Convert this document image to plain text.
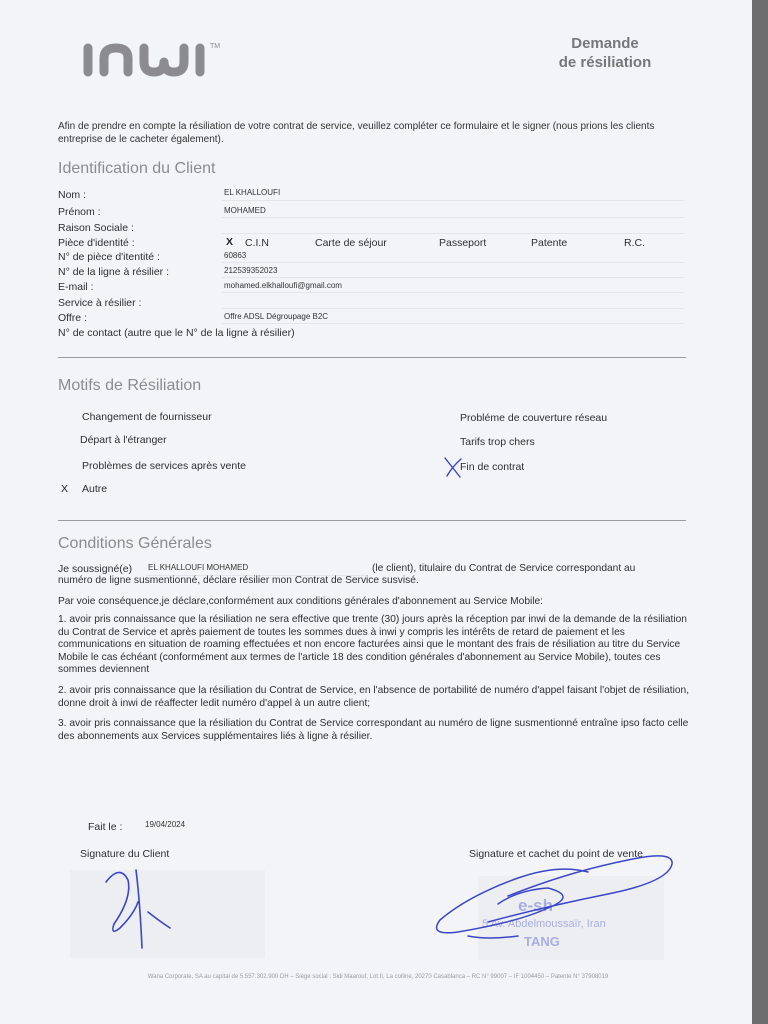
TM	Demande
de résiliation
Afin de prendre en compte la résiliation de votre contrat de service, veuillez compléter ce formulaire et le signer (nous prions les clients entreprise de le cacheter également).
Identification du Client
Nom :	EL KHALLOUFI
Prénom :	MOHAMED
Raison Sociale :
Pièce d'identité :	X C.I.N	Carte de séjour	Passeport	Patente	R.C.
N° de pièce d'itentité :	60863
N° de la ligne à résilier :	212539352023
E-mail :	mohamed.elkhalloufi@gmail.com
Service à résilier :
Offre :	Offre ADSL Dégroupage B2C
N° de contact (autre que le N° de la ligne à résilier)
Motifs de Résiliation
Changement de fournisseur
Départ à l'étranger
Problèmes de services après vente
X Autre
Probléme de couverture réseau
Tarifs trop chers
Fin de contrat
Conditions Générales
Je soussigné(e) EL KHALLOUFI MOHAMED	(le client), titulaire du Contrat de Service correspondant au
numéro de ligne susmentionné, déclare résilier mon Contrat de Service susvisé.
Par voie conséquence,je déclare,conformément aux conditions générales d'abonnement au Service Mobile:
1. avoir pris connaissance que la résiliation ne sera effective que trente (30) jours après la réception par inwi de la demande de la résiliation du Contrat de Service et après paiement de toutes les sommes dues à inwi y compris les intérêts de retard de paiement et les communications en situation de roaming effectuées et non encore facturées ainsi que le montant des frais de résiliation au titre du Service Mobile le cas échéant (conformément aux termes de l'article 18 des condition générales d'abonnement au Service Mobile), toutes ces sommes deviennent
2. avoir pris connaissance que la résiliation du Contrat de Service, en l'absence de portabilité de numéro d'appel faisant l'objet de résiliation, donne droit à inwi de réaffecter ledit numéro d'appel à un autre client;
3. avoir pris connaissance que la résiliation du Contrat de Service correspondant au numéro de ligne susmentionné entraîne ipso facto celle des abonnements aux Services supplémentaires liés à ligne à résilier.
Fait le :	19/04/2024
Signature du Client	Signature et cachet du point de vente
e-sh
5 Av. Abdelmoussaïr, Iran
TANG
Wana Corporate, SA au capital de 5.557.302.900 DH – Siège social : Sidi Maarouf, Lot.II, La colline, 20270 Casablanca – RC N° 99007 – IF 1004450 – Patente N° 37908019
